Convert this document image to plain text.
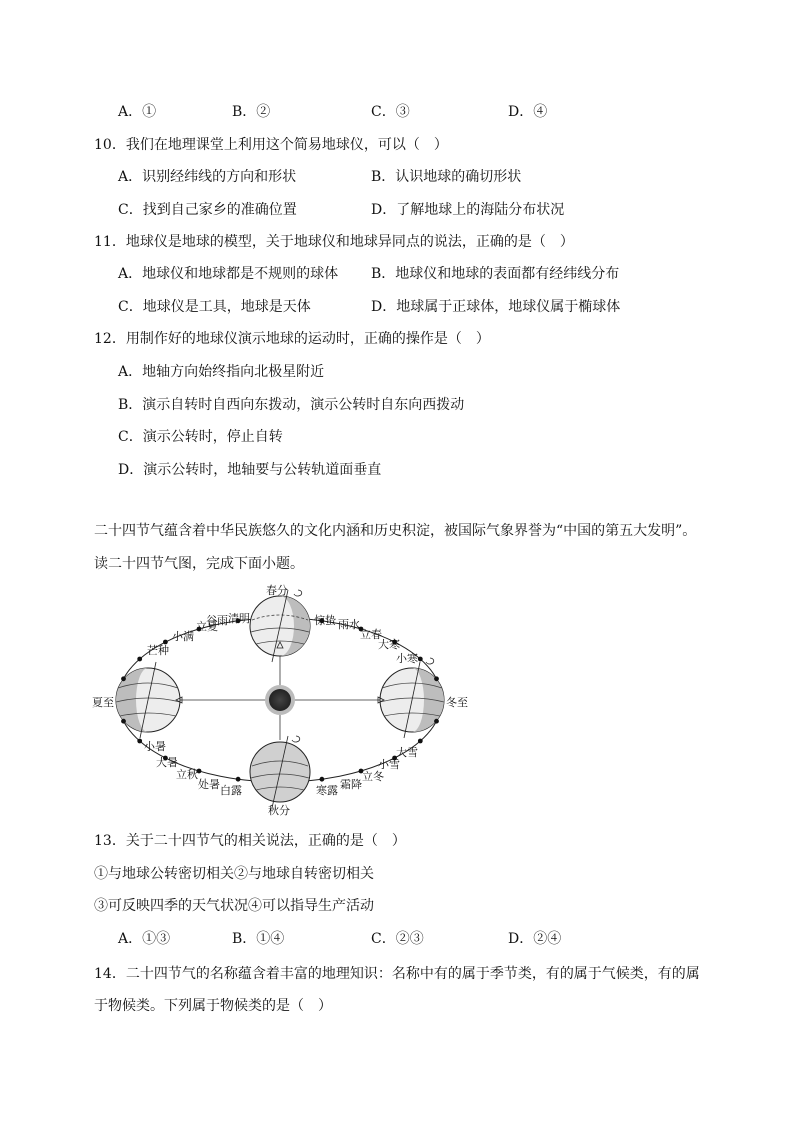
A．①	B．②	C．③	D．④
10．我们在地理课堂上利用这个简易地球仪，可以（　）
A．识别经纬线的方向和形状	B．认识地球的确切形状
C．找到自己家乡的准确位置	D．了解地球上的海陆分布状况
11．地球仪是地球的模型，关于地球仪和地球异同点的说法，正确的是（　）
A．地球仪和地球都是不规则的球体 B．地球仪和地球的表面都有经纬线分布
C．地球仪是工具，地球是天体	D．地球属于正球体，地球仪属于椭球体
12．用制作好的地球仪演示地球的运动时，正确的操作是（　）
A．地轴方向始终指向北极星附近
B．演示自转时自西向东拨动，演示公转时自东向西拨动
C．演示公转时，停止自转
D．演示公转时，地轴要与公转轨道面垂直
二十四节气蕴含着中华民族悠久的文化内涵和历史积淀，被国际气象界誉为“中国的第五大发明”。
读二十四节气图，完成下面小题。
春分
冬至
秋分
夏至
芒种
小满
立夏
谷雨 清明	惊蛰 雨水
立春
大寒
小寒
小暑
大暑
立秋
处暑 白露
大雪
小雪
立冬
霜降
寒露
13．关于二十四节气的相关说法，正确的是（　）
①与地球公转密切相关②与地球自转密切相关
③可反映四季的天气状况④可以指导生产活动
A．①③	B．①④	C．②③	D．②④
14．二十四节气的名称蕴含着丰富的地理知识：名称中有的属于季节类，有的属于气候类，有的属
于物候类。下列属于物候类的是（　）
